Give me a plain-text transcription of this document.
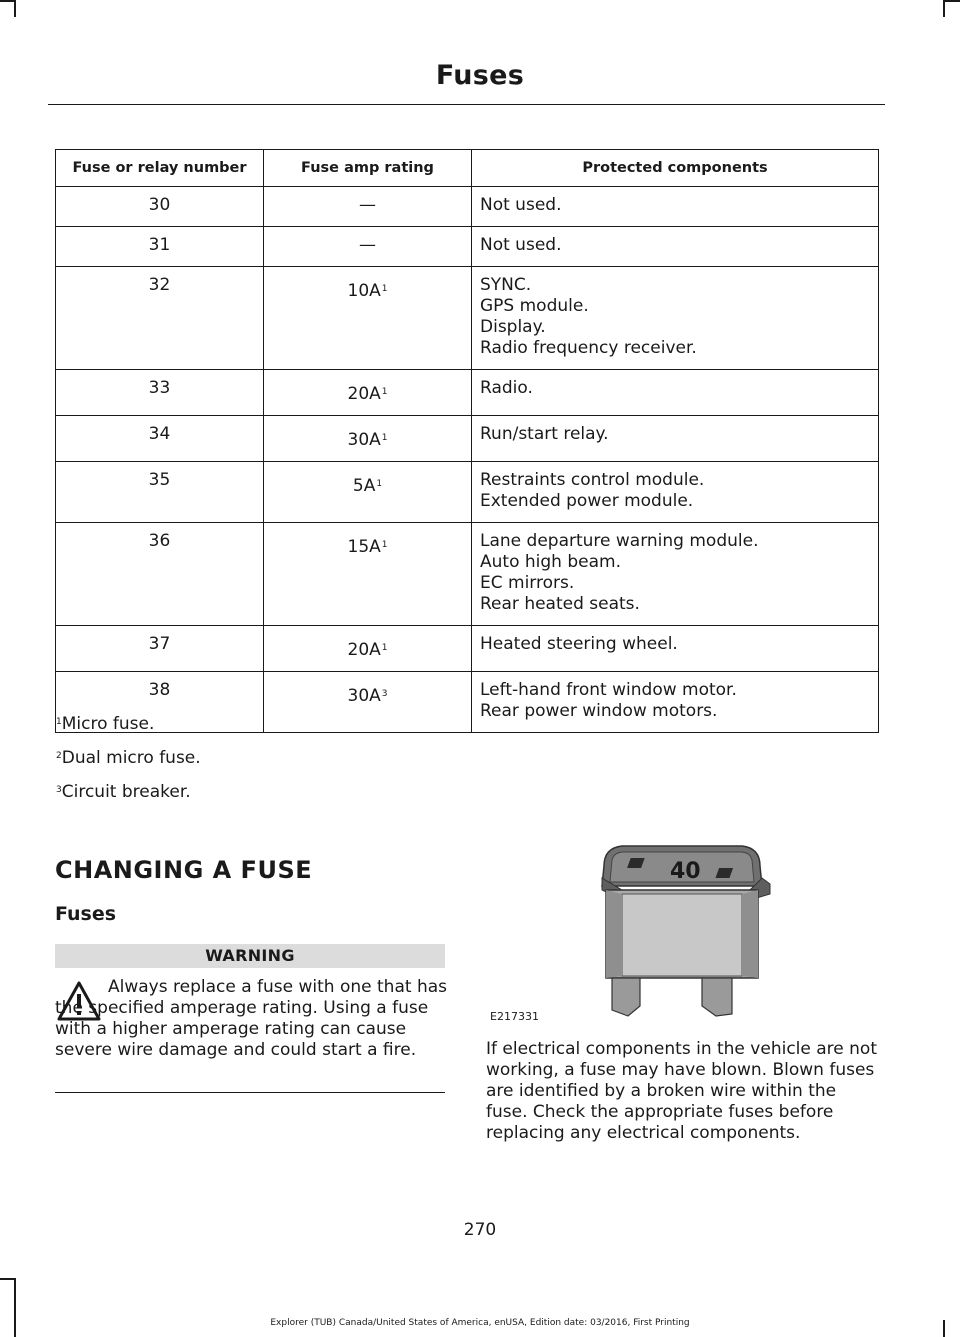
Fuses
Fuse or relay number	Fuse amp rating	Protected components
30	—	Not used.

31	—	Not used.

32	$10A^1$	SYNC.
GPS module.
Display.
Radio frequency receiver.

33	$20A^1$	Radio.

34	$30A^1$	Run/start relay.

35	$5A^1$	Restraints control module.
Extended power module.

36	$15A^1$	Lane departure warning module.
Auto high beam.
EC mirrors.
Rear heated seats.

37	$20A^1$	Heated steering wheel.

38	$30A^3$	Left-hand front window motor.
Rear power window motors.

$^1$Micro fuse.

$^2$Dual micro fuse.

$^3$Circuit breaker.

CHANGING A FUSE
Fuses
WARNING
Always replace a fuse with one that has the specified amperage rating. Using a fuse with a higher amperage rating can cause severe wire damage and could start a fire.
40
E217331
If electrical components in the vehicle are not working, a fuse may have blown. Blown fuses are identified by a broken wire within the fuse. Check the appropriate fuses before replacing any electrical components.
270
Explorer (TUB) Canada/United States of America, enUSA, Edition date: 03/2016, First Printing
